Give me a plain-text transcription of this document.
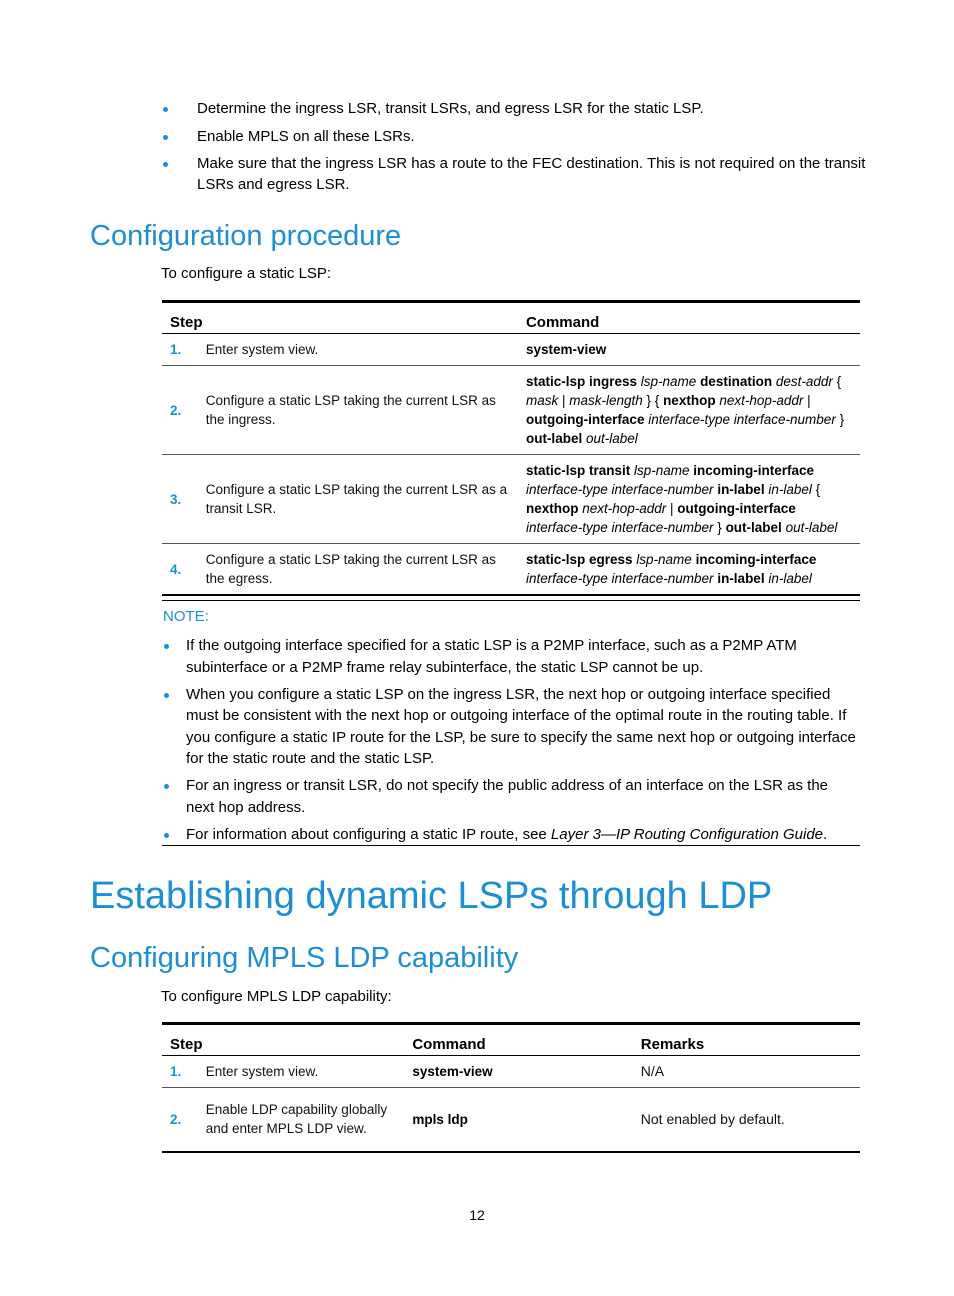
Determine the ingress LSR, transit LSRs, and egress LSR for the static LSP.
Enable MPLS on all these LSRs.
Make sure that the ingress LSR has a route to the FEC destination. This is not required on the transit LSRs and egress LSR.
Configuration procedure
To configure a static LSP:
Step		Command
1.	Enter system view.	system-view
2.	Configure a static LSP taking the current LSR as the ingress.	static-lsp ingress lsp-name destination dest-addr { mask | mask-length } { nexthop next-hop-addr | outgoing-interface interface-type interface-number } out-label out-label
3.	Configure a static LSP taking the current LSR as a transit LSR.	static-lsp transit lsp-name incoming-interface interface-type interface-number in-label in-label { nexthop next-hop-addr | outgoing-interface interface-type interface-number } out-label out-label
4.	Configure a static LSP taking the current LSR as the egress.	static-lsp egress lsp-name incoming-interface interface-type interface-number in-label in-label
NOTE:
If the outgoing interface specified for a static LSP is a P2MP interface, such as a P2MP ATM subinterface or a P2MP frame relay subinterface, the static LSP cannot be up.
When you configure a static LSP on the ingress LSR, the next hop or outgoing interface specified must be consistent with the next hop or outgoing interface of the optimal route in the routing table. If you configure a static IP route for the LSP, be sure to specify the same next hop or outgoing interface for the static route and the static LSP.
For an ingress or transit LSR, do not specify the public address of an interface on the LSR as the next hop address.
For information about configuring a static IP route, see Layer 3—IP Routing Configuration Guide.
Establishing dynamic LSPs through LDP
Configuring MPLS LDP capability
To configure MPLS LDP capability:
Step		Command	Remarks
1.	Enter system view.	system-view	N/A
2.	Enable LDP capability globally and enter MPLS LDP view.	mpls ldp	Not enabled by default.
12
